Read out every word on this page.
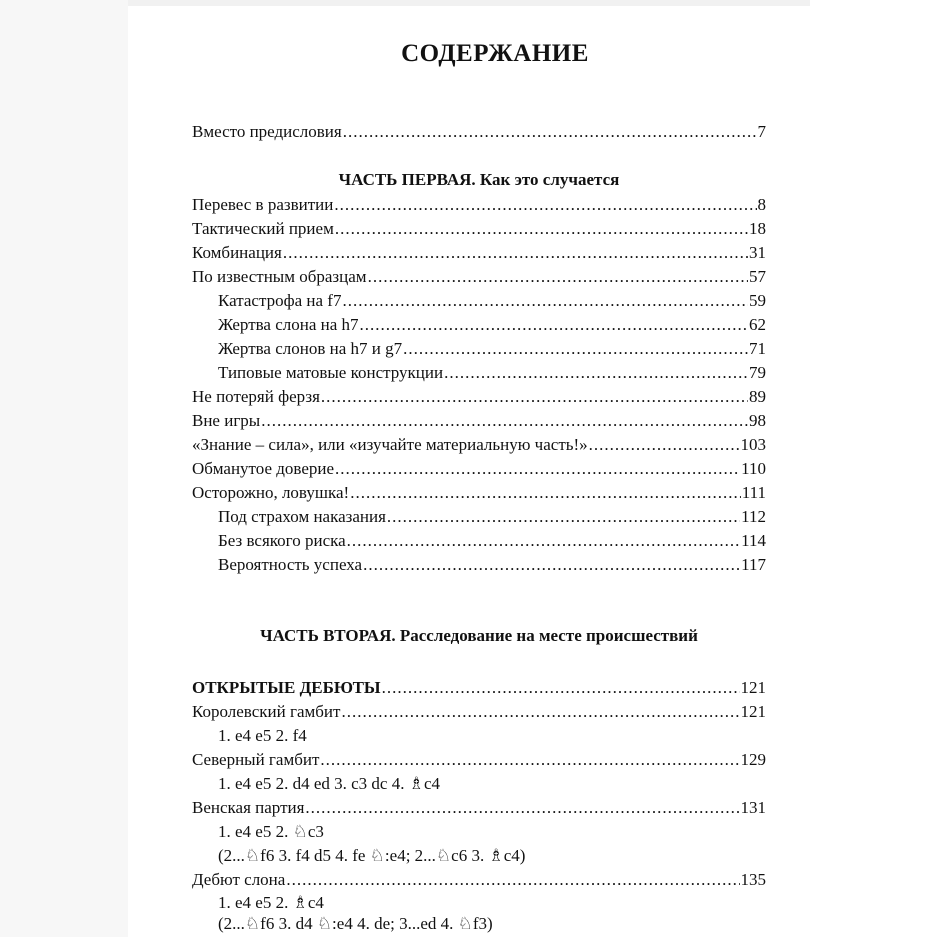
СОДЕРЖАНИЕ
Вместо предисловия .....	7
ЧАСТЬ ПЕРВАЯ. Как это случается
Перевес в развитии .....	8
Тактический прием .....	18
Комбинация .....	31
По известным образцам .....	57
Катастрофа на f7 .....	59
Жертва слона на h7 .....	62
Жертва слонов на h7 и g7 .....	71
Типовые матовые конструкции .....	79
Не потеряй ферзя .....	89
Вне игры .....	98
«Знание – сила», или «изучайте материальную часть!» .....	103
Обманутое доверие .....	110
Осторожно, ловушка! .....	111
Под страхом наказания .....	112
Без всякого риска .....	114
Вероятность успеха .....	117
ЧАСТЬ ВТОРАЯ. Расследование на месте происшествий
ОТКРЫТЫЕ ДЕБЮТЫ .....	121
Королевский гамбит .....	121

1. e4 e5 2. f4

Северный гамбит .....	129

1. e4 e5 2. d4 ed 3. c3 dc 4. ♗c4

Венская партия .....	131

1. e4 e5 2. ♘c3

(2...♘f6 3. f4 d5 4. fe ♘:e4; 2...♘c6 3. ♗c4)

Дебют слона .....	135

1. e4 e5 2. ♗c4

(2...♘f6 3. d4 ♘:e4 4. de; 3...ed 4. ♘f3)
